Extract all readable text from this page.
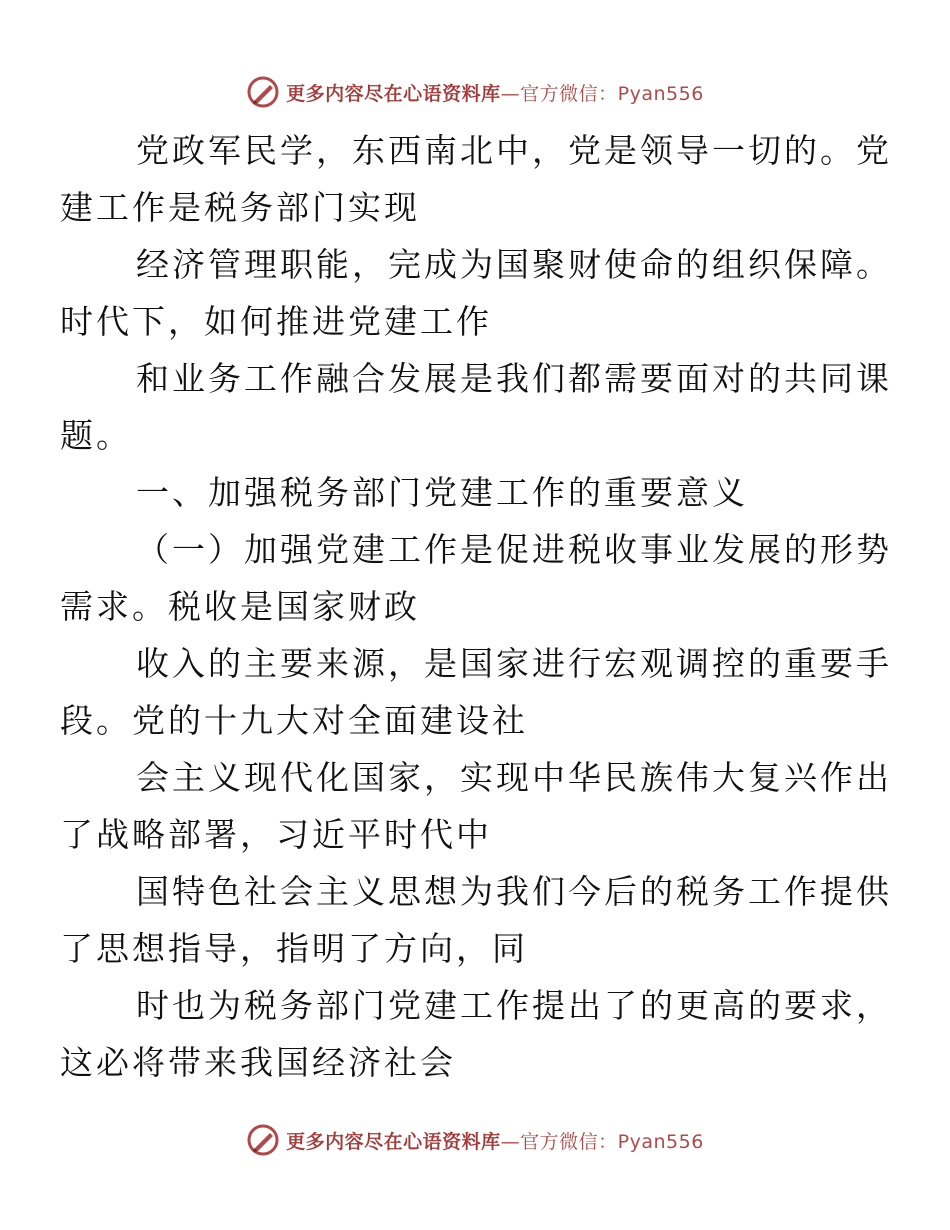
更多内容尽在心语资料库—官方微信：Pyan556

党政军民学，东西南北中，党是领导一切的。党
建工作是税务部门实现

经济管理职能，完成为国聚财使命的组织保障。
时代下，如何推进党建工作

和业务工作融合发展是我们都需要面对的共同课
题。

一、加强税务部门党建工作的重要意义

（一）加强党建工作是促进税收事业发展的形势
需求。税收是国家财政

收入的主要来源，是国家进行宏观调控的重要手
段。党的十九大对全面建设社

会主义现代化国家，实现中华民族伟大复兴作出
了战略部署，习近平时代中

国特色社会主义思想为我们今后的税务工作提供
了思想指导，指明了方向，同

时也为税务部门党建工作提出了的更高的要求，
这必将带来我国经济社会

更多内容尽在心语资料库—官方微信：Pyan556
